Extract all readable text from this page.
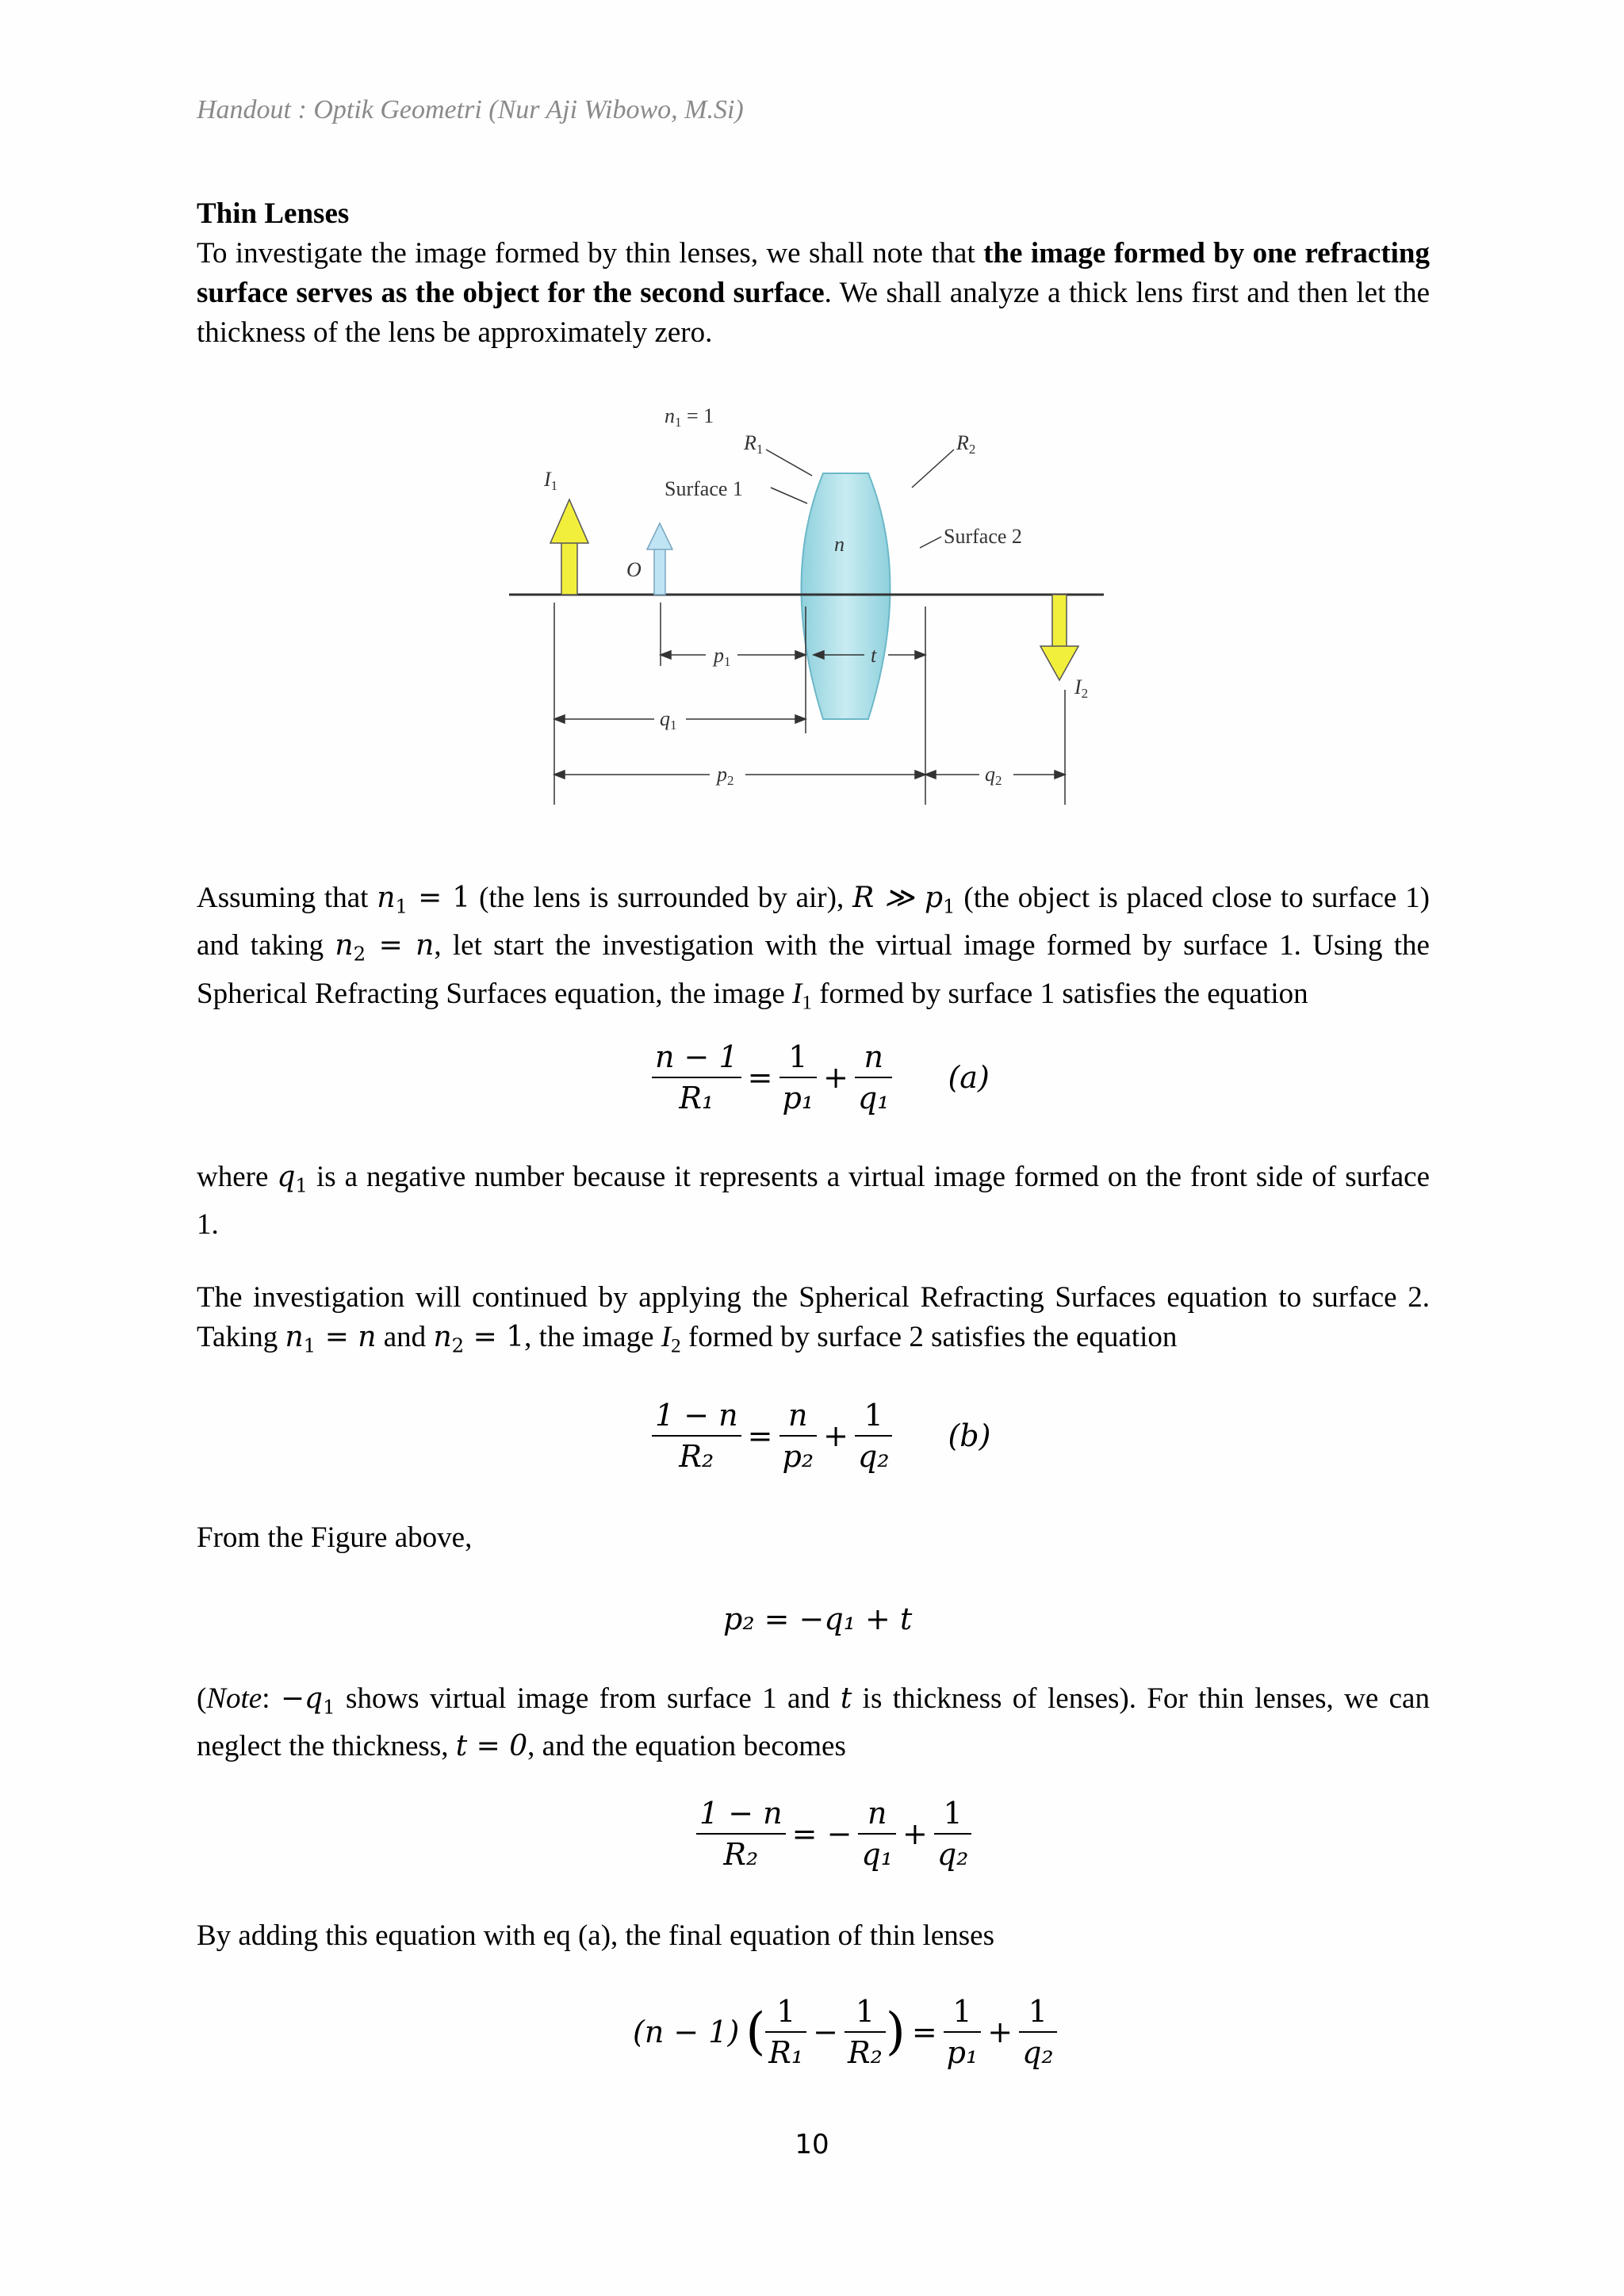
Handout : Optik Geometri (Nur Aji Wibowo, M.Si)
Thin Lenses
To investigate the image formed by thin lenses, we shall note that the image formed by one refracting surface serves as the object for the second surface. We shall analyze a thick lens first and then let the thickness of the lens be approximately zero.
n1 = 1
I1
O
R1
Surface 1
R2
Surface 2
n
p1	t
q1
I2
p2	q2
Assuming that $n_1 = 1$ (the lens is surrounded by air), R ≫ $p_1$ (the object is placed close to surface 1) and taking $n_2 = n$, let start the investigation with the virtual image formed by surface 1. Using the Spherical Refracting Surfaces equation, the image $I_1$ formed by surface 1 satisfies the equation
$\frac{n - 1}{\text{R₁}} = \frac{1}{\text{p₁}} + \frac{n}{\text{q₁}} (a)$
where $q_1$ is a negative number because it represents a virtual image formed on the front side of surface 1.
The investigation will continued by applying the Spherical Refracting Surfaces equation to surface 2. Taking $n_1 = n$ and $n_2 = 1$, the image $I_2$ formed by surface 2 satisfies the equation
$\frac{1 - n}{\text{R₂}} = \frac{n}{\text{p₂}} + \frac{1}{\text{q₂}} (b)$
From the Figure above,
p₂ = −q₁ + t
(Note: $-q_1$ shows virtual image from surface 1 and t is thickness of lenses). For thin lenses, we can neglect the thickness, t = 0, and the equation becomes
$\frac{1 - n}{\text{R₂}}$ = − $\frac{n}{\text{q₁}} + \frac{1}{\text{q₂}}$
By adding this equation with eq (a), the final equation of thin lenses
(n − 1) ( $\frac{1}{\text{R₁}} - \frac{1}{\text{R₂}}$ ) = $\frac{1}{\text{p₁}} + \frac{1}{\text{q₂}}$
10
